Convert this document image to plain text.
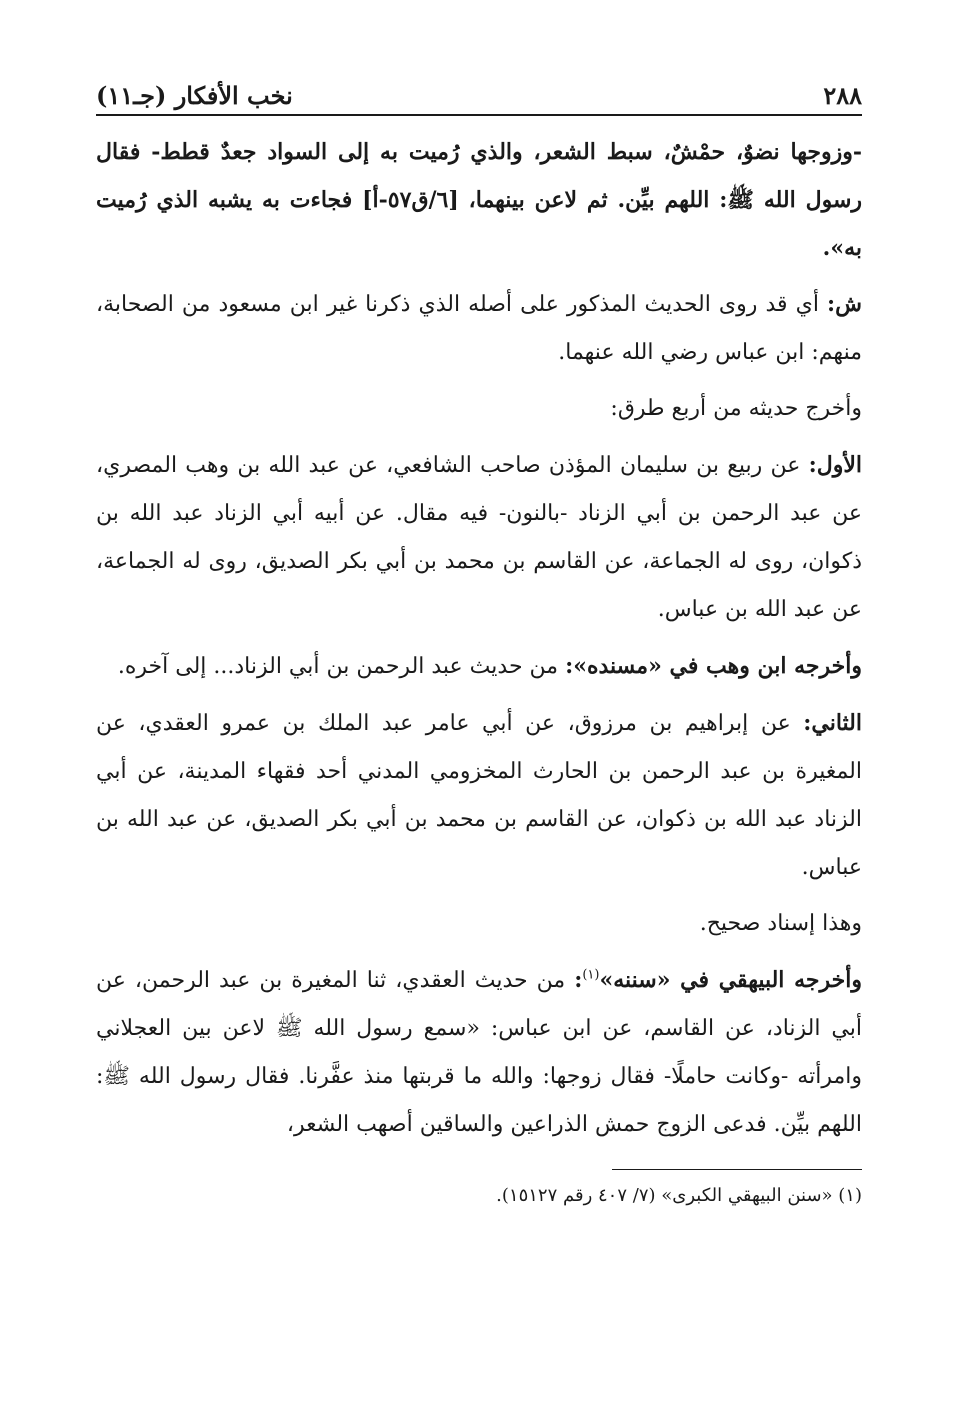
٢٨٨
نخب الأفكار (جـ١١)

-وزوجها نضوٌ، حمْشٌ، سبط الشعر، والذي رُميت به إلى السواد جعدٌ قطط- فقال رسول الله ﷺ: اللهم بيِّن. ثم لاعن بينهما، [٦/ق٥٧-أ] فجاءت به يشبه الذي رُميت به».

ش: أي قد روى الحديث المذكور على أصله الذي ذكرنا غير ابن مسعود من الصحابة، منهم: ابن عباس رضي الله عنهما.

وأخرج حديثه من أربع طرق:

الأول: عن ربيع بن سليمان المؤذن صاحب الشافعي، عن عبد الله بن وهب المصري، عن عبد الرحمن بن أبي الزناد -بالنون- فيه مقال. عن أبيه أبي الزناد عبد الله بن ذكوان، روى له الجماعة، عن القاسم بن محمد بن أبي بكر الصديق، روى له الجماعة، عن عبد الله بن عباس.

وأخرجه ابن وهب في «مسنده»: من حديث عبد الرحمن بن أبي الزناد... إلى آخره.

الثاني: عن إبراهيم بن مرزوق، عن أبي عامر عبد الملك بن عمرو العقدي، عن المغيرة بن عبد الرحمن بن الحارث المخزومي المدني أحد فقهاء المدينة، عن أبي الزناد عبد الله بن ذكوان، عن القاسم بن محمد بن أبي بكر الصديق، عن عبد الله بن عباس.

وهذا إسناد صحيح.

وأخرجه البيهقي في «سننه»$^{(١)}$: من حديث العقدي، ثنا المغيرة بن عبد الرحمن، عن أبي الزناد، عن القاسم، عن ابن عباس: «سمع رسول الله ﷺ لاعن بين العجلاني وامرأته -وكانت حاملًا- فقال زوجها: والله ما قربتها منذ عفَّرنا. فقال رسول الله ﷺ: اللهم بيِّن. فدعى الزوج حمش الذراعين والساقين أصهب الشعر،

(١) «سنن البيهقي الكبرى» (٧/ ٤٠٧ رقم ١٥١٢٧).
